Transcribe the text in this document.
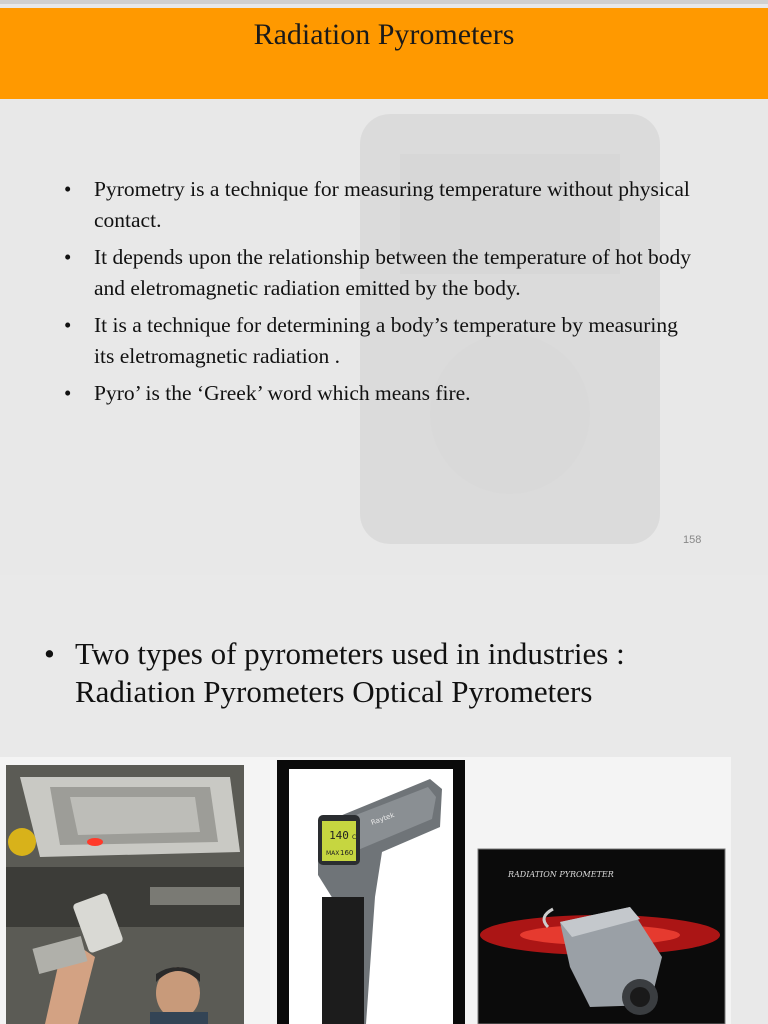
Radiation Pyrometers
• Pyrometry is a technique for measuring temperature without physical contact.
• It depends upon the relationship between the temperature of hot body and eletromagnetic radiation emitted by the body.
• It is a technique for determining a body’s temperature by measuring its eletromagnetic radiation .
• Pyro’ is the ‘Greek’ word which means fire.
158
• Two types of pyrometers used in industries : Radiation Pyrometers Optical Pyrometers
140 C
MAX 160
Raytek
RADIATION PYROMETER
